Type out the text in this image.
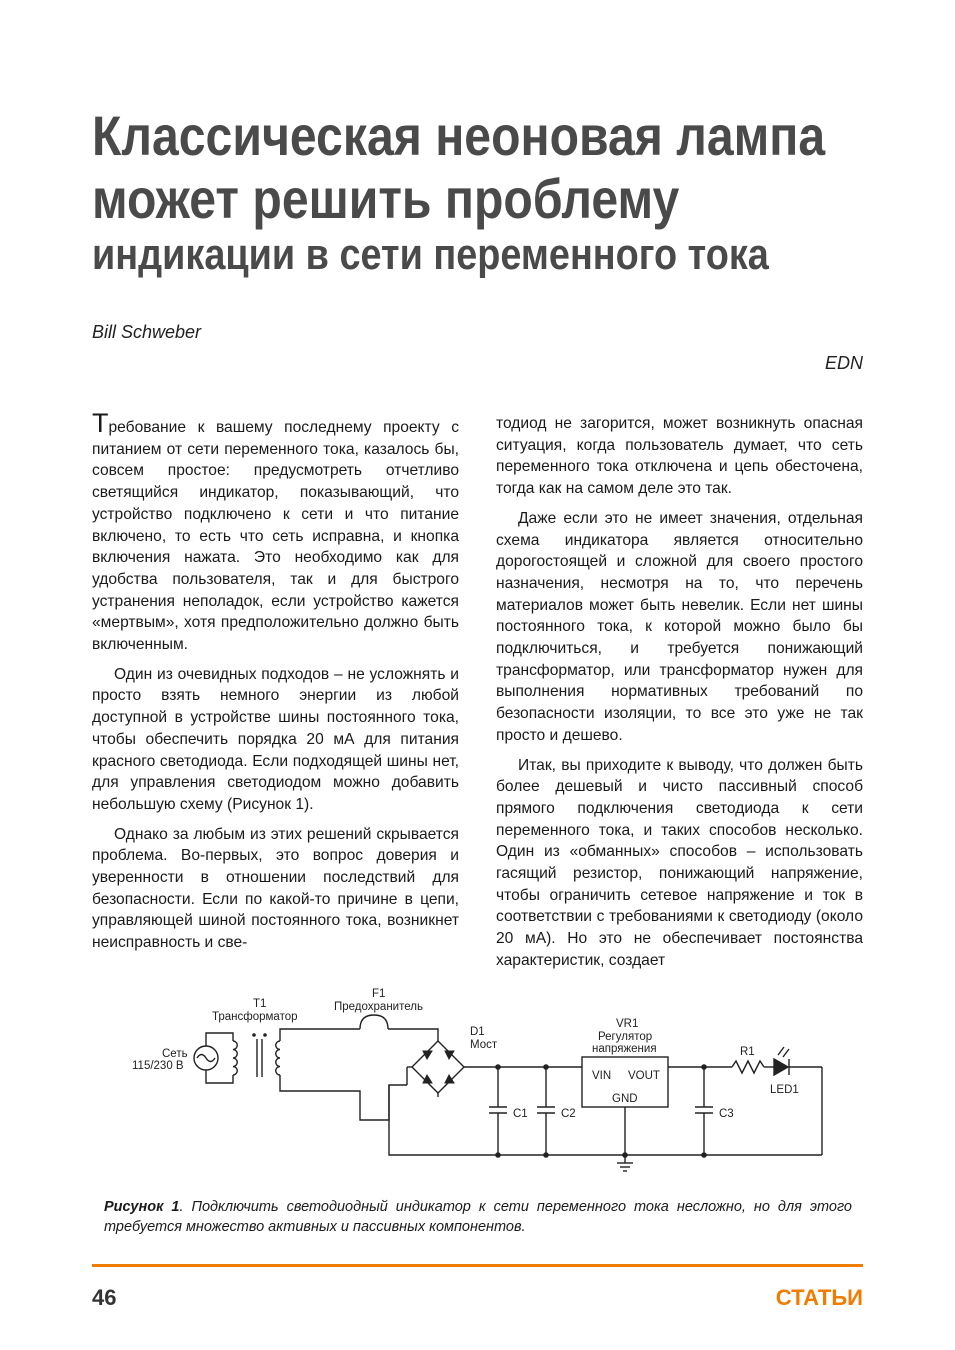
Классическая неоновая лампа
может решить проблему
индикации в сети переменного тока
Bill Schweber
EDN

Требование к вашему последнему проекту с питанием от сети переменного тока, казалось бы, совсем простое: предусмотреть отчетливо светящийся индикатор, показывающий, что устройство подключено к сети и что питание включено, то есть что сеть исправна, и кнопка включения нажата. Это необходимо как для удобства пользователя, так и для быстрого устранения неполадок, если устройство кажется «мертвым», хотя предположительно должно быть включенным.

Один из очевидных подходов – не усложнять и просто взять немного энергии из любой доступной в устройстве шины постоянного тока, чтобы обеспечить порядка 20 мА для питания красного светодиода. Если подходящей шины нет, для управления светодиодом можно добавить небольшую схему (Рисунок 1).

Однако за любым из этих решений скрывается проблема. Во-первых, это вопрос доверия и уверенности в отношении последствий для безопасности. Если по какой-то причине в цепи, управляющей шиной постоянного тока, возникнет неисправность и све-

тодиод не загорится, может возникнуть опасная ситуация, когда пользователь думает, что сеть переменного тока отключена и цепь обесточена, тогда как на самом деле это так.

Даже если это не имеет значения, отдельная схема индикатора является относительно дорогостоящей и сложной для своего простого назначения, несмотря на то, что перечень материалов может быть невелик. Если нет шины постоянного тока, к которой можно было бы подключиться, и требуется понижающий трансформатор, или трансформатор нужен для выполнения нормативных требований по безопасности изоляции, то все это уже не так просто и дешево.

Итак, вы приходите к выводу, что должен быть более дешевый и чисто пассивный способ прямого подключения светодиода к сети переменного тока, и таких способов несколько. Один из «обманных» способов – использовать гасящий резистор, понижающий напряжение, чтобы ограничить сетевое напряжение и ток в соответствии с требованиями к светодиоду (около 20 мА). Но это не обеспечивает постоянства характеристик, создает

Сеть
115/230 В
T1
Трансформатор
F1
Предохранитель
D1
Мост
VR1
Регулятор
напряжения
VIN VOUT
GND
C1	C2	C3
R1
LED1
Рисунок 1. Подключить светодиодный индикатор к сети переменного тока несложно, но для этого требуется множество активных и пассивных компонентов.
46	СТАТЬИ
